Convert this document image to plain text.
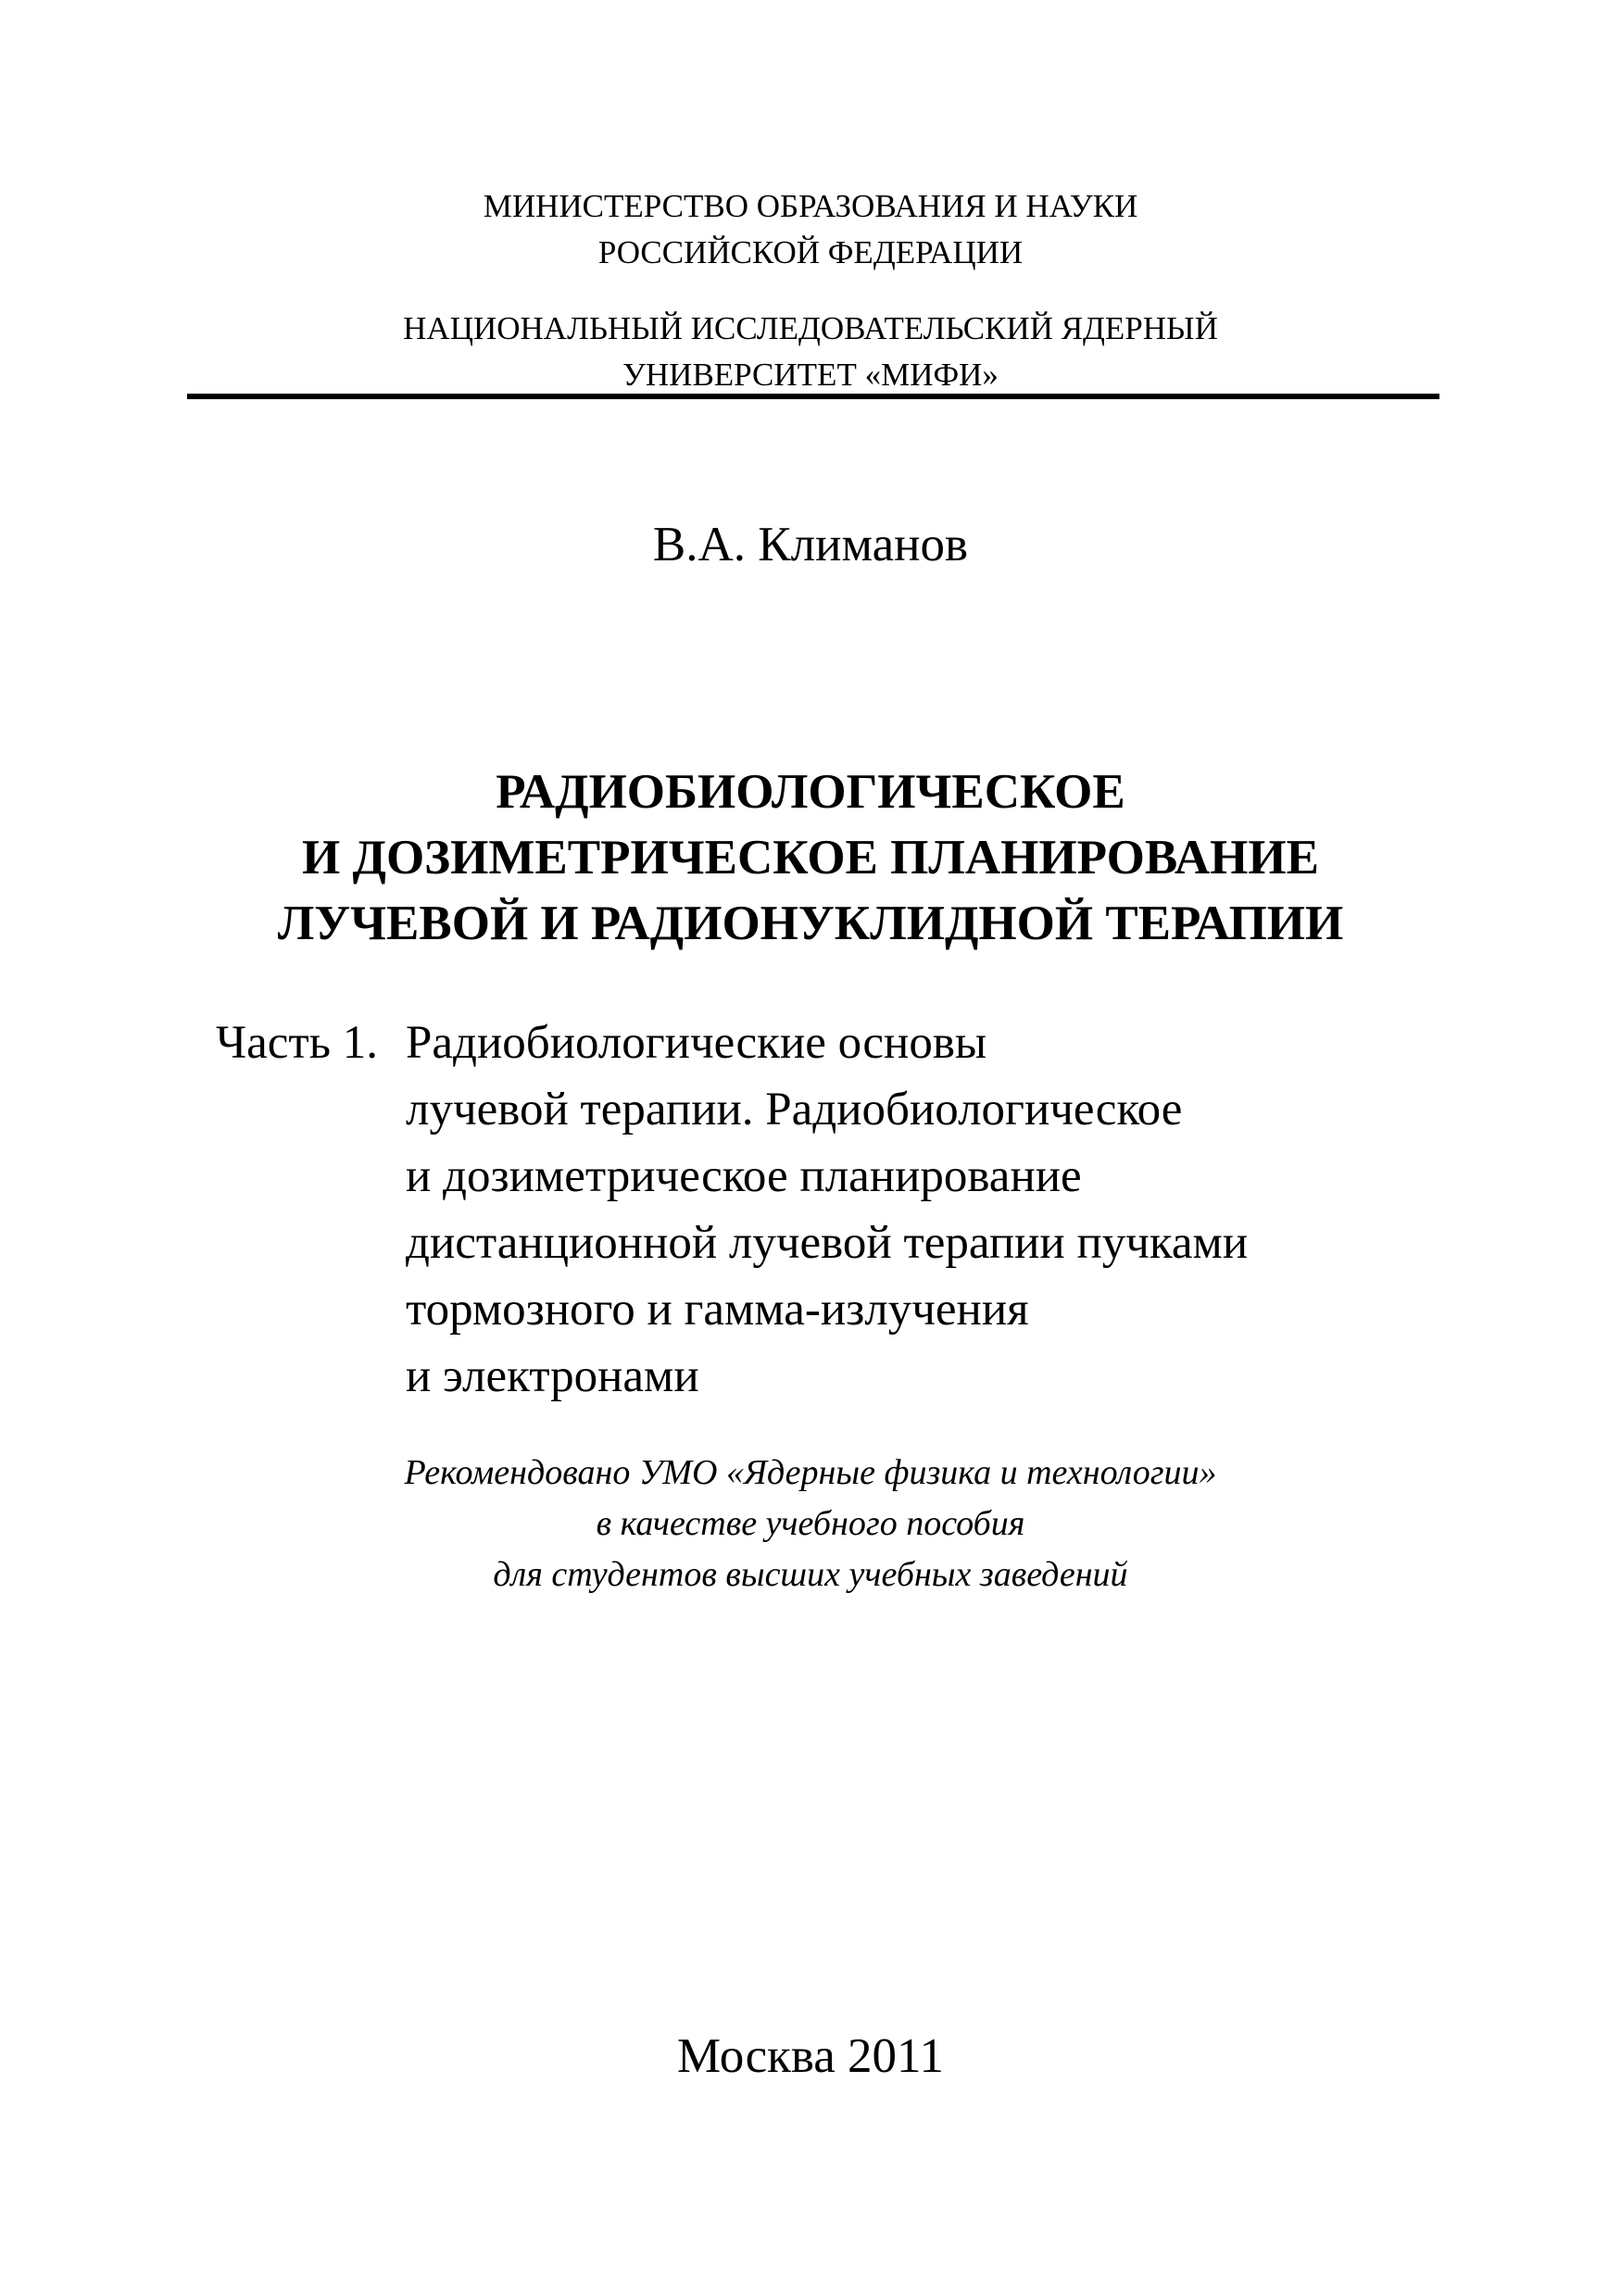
МИНИСТЕРСТВО ОБРАЗОВАНИЯ И НАУКИ
РОССИЙСКОЙ ФЕДЕРАЦИИ
НАЦИОНАЛЬНЫЙ ИССЛЕДОВАТЕЛЬСКИЙ ЯДЕРНЫЙ
УНИВЕРСИТЕТ «МИФИ»
В.А. Климанов
РАДИОБИОЛОГИЧЕСКОЕ
И ДОЗИМЕТРИЧЕСКОЕ ПЛАНИРОВАНИЕ
ЛУЧЕВОЙ И РАДИОНУКЛИДНОЙ ТЕРАПИИ
Часть 1. Радиобиологические основы
лучевой терапии. Радиобиологическое
и дозиметрическое планирование
дистанционной лучевой терапии пучками
тормозного и гамма-излучения
и электронами
Рекомендовано УМО «Ядерные физика и технологии»
в качестве учебного пособия
для студентов высших учебных заведений
Москва 2011
